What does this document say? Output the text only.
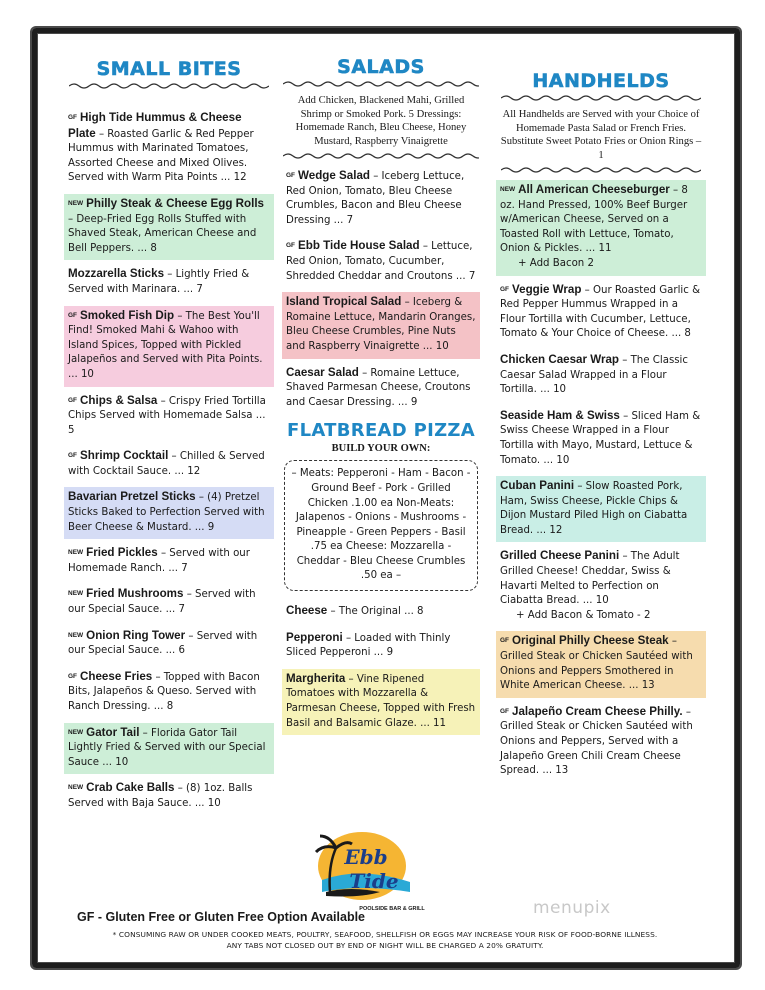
SMALL BITES
GF High Tide Hummus & Cheese Plate – Roasted Garlic & Red Pepper Hummus with Marinated Tomatoes, Assorted Cheese and Mixed Olives. Served with Warm Pita Points ... 12
NEW Philly Steak & Cheese Egg Rolls – Deep-Fried Egg Rolls Stuffed with Shaved Steak, American Cheese and Bell Peppers. ... 8
Mozzarella Sticks – Lightly Fried & Served with Marinara. ... 7
GF Smoked Fish Dip – The Best You'll Find! Smoked Mahi & Wahoo with Island Spices, Topped with Pickled Jalapeños and Served with Pita Points. ... 10
GF Chips & Salsa – Crispy Fried Tortilla Chips Served with Homemade Salsa ... 5
GF Shrimp Cocktail – Chilled & Served with Cocktail Sauce. ... 12
Bavarian Pretzel Sticks – (4) Pretzel Sticks Baked to Perfection Served with Beer Cheese & Mustard. ... 9
NEW Fried Pickles – Served with our Homemade Ranch. ... 7
NEW Fried Mushrooms – Served with our Special Sauce. ... 7
NEW Onion Ring Tower – Served with our Special Sauce. ... 6
GF Cheese Fries – Topped with Bacon Bits, Jalapeños & Queso. Served with Ranch Dressing. ... 8
NEW Gator Tail – Florida Gator Tail Lightly Fried & Served with our Special Sauce ... 10
NEW Crab Cake Balls – (8) 1oz. Balls Served with Baja Sauce. ... 10
SALADS
Add Chicken, Blackened Mahi, Grilled Shrimp or Smoked Pork. 5 Dressings: Homemade Ranch, Bleu Cheese, Honey Mustard, Raspberry Vinaigrette
GF Wedge Salad – Iceberg Lettuce, Red Onion, Tomato, Bleu Cheese Crumbles, Bacon and Bleu Cheese Dressing ... 7
GF Ebb Tide House Salad – Lettuce, Red Onion, Tomato, Cucumber, Shredded Cheddar and Croutons ... 7
Island Tropical Salad – Iceberg & Romaine Lettuce, Mandarin Oranges, Bleu Cheese Crumbles, Pine Nuts and Raspberry Vinaigrette ... 10
Caesar Salad – Romaine Lettuce, Shaved Parmesan Cheese, Croutons and Caesar Dressing. ... 9
FLATBREAD PIZZA
BUILD YOUR OWN:
– Meats: Pepperoni - Ham - Bacon - Ground Beef - Pork - Grilled Chicken .1.00 ea Non-Meats: Jalapenos - Onions - Mushrooms - Pineapple - Green Peppers - Basil .75 ea Cheese: Mozzarella - Cheddar - Bleu Cheese Crumbles .50 ea –
Cheese – The Original ... 8
Pepperoni – Loaded with Thinly Sliced Pepperoni ... 9
Margherita – Vine Ripened Tomatoes with Mozzarella & Parmesan Cheese, Topped with Fresh Basil and Balsamic Glaze. ... 11
HANDHELDS
All Handhelds are Served with your Choice of Homemade Pasta Salad or French Fries. Substitute Sweet Potato Fries or Onion Rings – 1
NEW All American Cheeseburger – 8 oz. Hand Pressed, 100% Beef Burger w/American Cheese, Served on a Toasted Roll with Lettuce, Tomato, Onion & Pickles. ... 11
+ Add Bacon 2
GF Veggie Wrap – Our Roasted Garlic & Red Pepper Hummus Wrapped in a Flour Tortilla with Cucumber, Lettuce, Tomato & Your Choice of Cheese. ... 8
Chicken Caesar Wrap – The Classic Caesar Salad Wrapped in a Flour Tortilla. ... 10
Seaside Ham & Swiss – Sliced Ham & Swiss Cheese Wrapped in a Flour Tortilla with Mayo, Mustard, Lettuce & Tomato. ... 10
Cuban Panini – Slow Roasted Pork, Ham, Swiss Cheese, Pickle Chips & Dijon Mustard Piled High on Ciabatta Bread. ... 12
Grilled Cheese Panini – The Adult Grilled Cheese! Cheddar, Swiss & Havarti Melted to Perfection on Ciabatta Bread. ... 10
+ Add Bacon & Tomato - 2
GF Original Philly Cheese Steak – Grilled Steak or Chicken Sautéed with Onions and Peppers Smothered in White American Cheese. ... 13
GF Jalapeño Cream Cheese Philly. – Grilled Steak or Chicken Sautéed with Onions and Peppers, Served with a Jalapeño Green Chili Cream Cheese Spread. ... 13
Ebb
Tide
POOLSIDE BAR & GRILL	menupix
GF - Gluten Free or Gluten Free Option Available
* CONSUMING RAW OR UNDER COOKED MEATS, POULTRY, SEAFOOD, SHELLFISH OR EGGS MAY INCREASE YOUR RISK OF FOOD-BORNE ILLNESS.
ANY TABS NOT CLOSED OUT BY END OF NIGHT WILL BE CHARGED A 20% GRATUITY.
